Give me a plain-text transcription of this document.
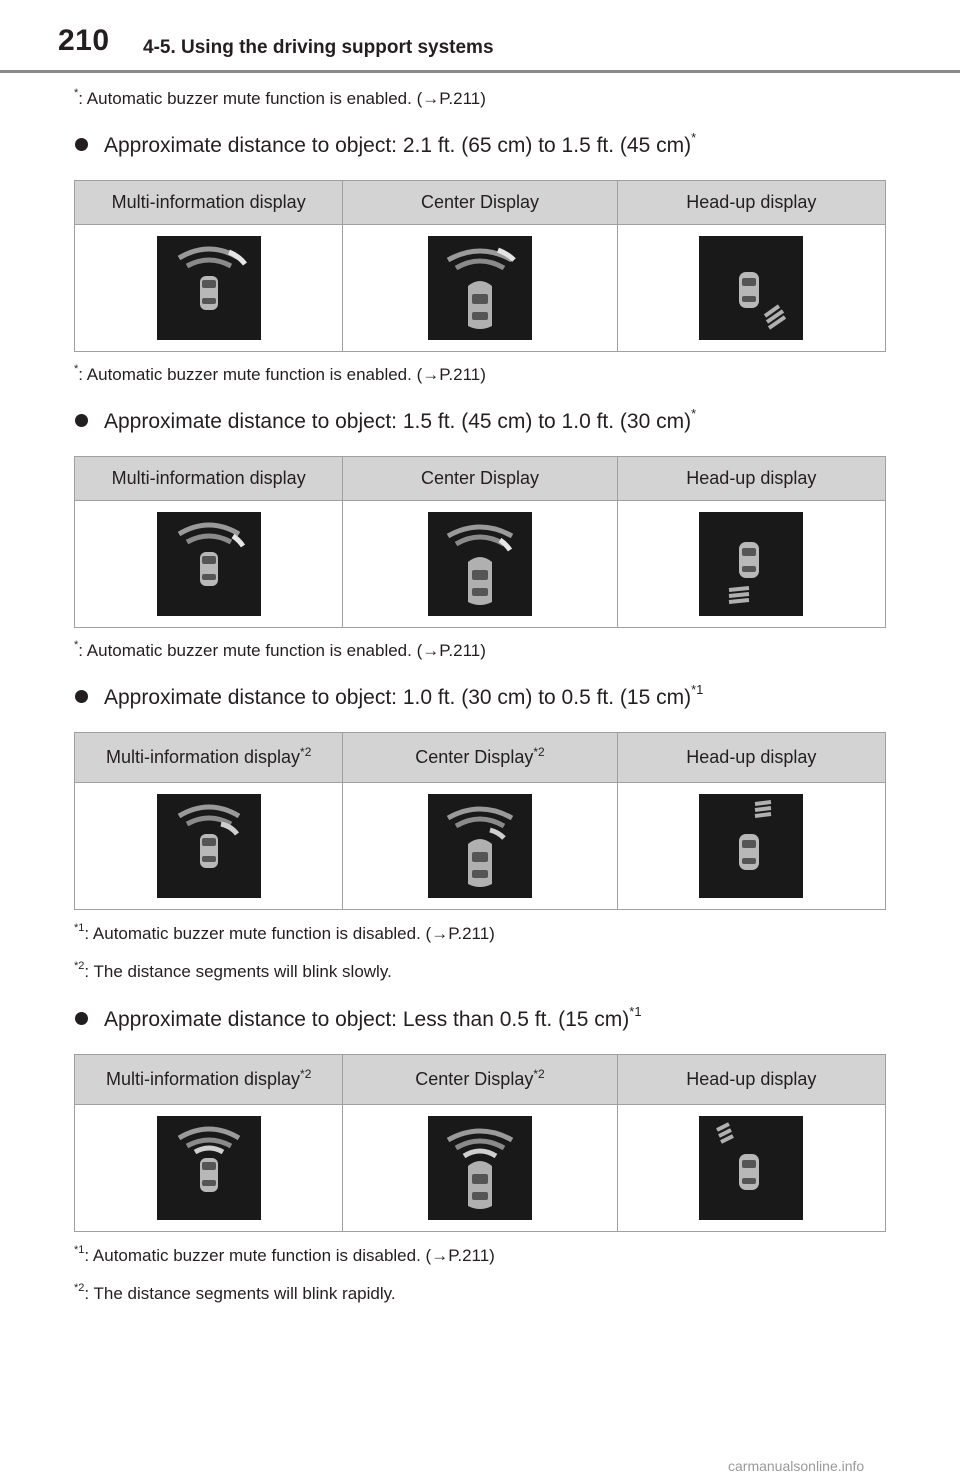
210 4-5. Using the driving support systems
*: Automatic buzzer mute function is enabled. (→P.211)
Approximate distance to object: 2.1 ft. (65 cm) to 1.5 ft. (45 cm)*
Multi-information display	Center Display	Head-up display

*: Automatic buzzer mute function is enabled. (→P.211)
Approximate distance to object: 1.5 ft. (45 cm) to 1.0 ft. (30 cm)*
Multi-information display	Center Display	Head-up display

*: Automatic buzzer mute function is enabled. (→P.211)
Approximate distance to object: 1.0 ft. (30 cm) to 0.5 ft. (15 cm)$^{*1}$
Multi-information display$^{*2}$	Center Display$^{*2}$	Head-up display

$^{*1}$: Automatic buzzer mute function is disabled. (→P.211)
$^{*2}$: The distance segments will blink slowly.
Approximate distance to object: Less than 0.5 ft. (15 cm)$^{*1}$
Multi-information display$^{*2}$	Center Display$^{*2}$	Head-up display

$^{*1}$: Automatic buzzer mute function is disabled. (→P.211)
$^{*2}$: The distance segments will blink rapidly.
carmanualsonline.info
